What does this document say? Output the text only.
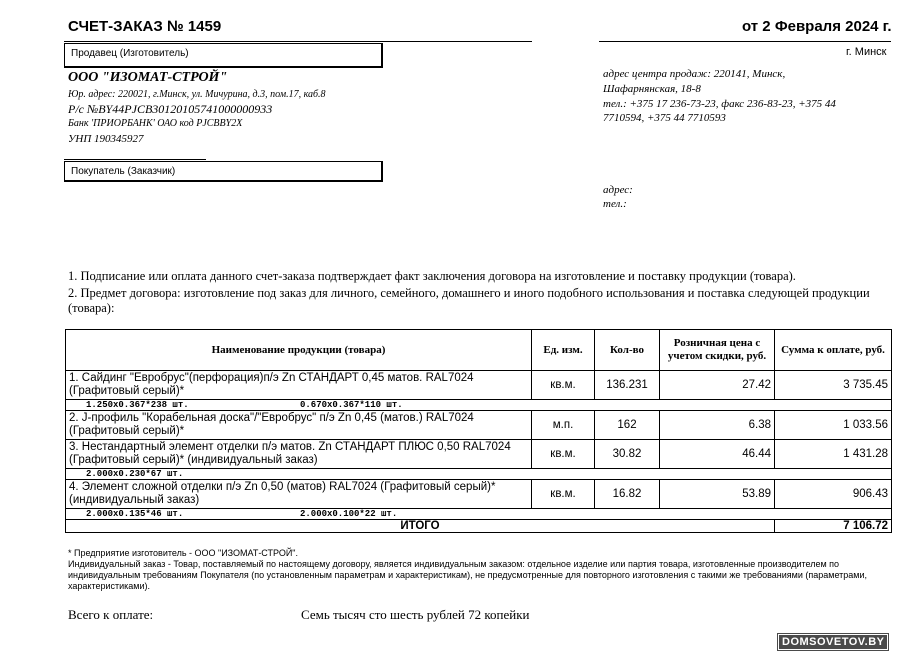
СЧЕТ-ЗАКАЗ № 1459	от 2 Февраля 2024 г.
г. Минск
Продавец (Изготовитель)
ООО "ИЗОМАТ-СТРОЙ"
Юр. адрес: 220021, г.Минск, ул. Мичурина, д.3, пом.17, каб.8
Р/с №BY44PJCB30120105741000000933
Банк 'ПРИОРБАНК' ОАО код PJCBBY2X
УНП 190345927
адрес центра продаж: 220141, Минск,
Шафарнянская, 18-8
тел.: +375 17 236-73-23, факс 236-83-23, +375 44
7710594, +375 44 7710593
Покупатель (Заказчик)
адрес:
тел.:
1. Подписание или оплата данного счет-заказа подтверждает факт заключения договора на изготовление и поставку продукции (товара).
2. Предмет договора: изготовление под заказ для личного, семейного, домашнего и иного подобного использования и поставка следующей продукции (товара):
Наименование продукции (товара)	Ед. изм.	Кол-во	Розничная цена с учетом скидки, руб.	Сумма к оплате, руб.
1. Сайдинг "Евробрус"(перфорация)п/э Zn СТАНДАРТ 0,45 матов. RAL7024 (Графитовый серый)*	кв.м.	136.231	27.42	3 735.45
1.250x0.367*238 шт. 0.670x0.367*110 шт.				
2. J-профиль "Корабельная доска"/"Евробрус" п/э Zn 0,45 (матов.) RAL7024 (Графитовый серый)*	м.п.	162	6.38	1 033.56
3. Нестандартный элемент отделки п/э матов. Zn СТАНДАРТ ПЛЮС 0,50 RAL7024 (Графитовый серый)* (индивидуальный заказ)	кв.м.	30.82	46.44	1 431.28
2.000x0.230*67 шт.				
4. Элемент сложной отделки п/э Zn 0,50 (матов) RAL7024 (Графитовый серый)* (индивидуальный заказ)	кв.м.	16.82	53.89	906.43
2.000x0.135*46 шт. 2.000x0.100*22 шт.				
ИТОГО				7 106.72
* Предприятие изготовитель - ООО "ИЗОМАТ-СТРОЙ".
Индивидуальный заказ - Товар, поставляемый по настоящему договору, является индивидуальным заказом: отдельное изделие или партия товара, изготовленные производителем по индивидуальным требованиям Покупателя (по установленным параметрам и характеристикам), не предусмотренные для повторного изготовления с такими же требованиями (параметрами, характеристиками).
Всего к оплате:	Семь тысяч сто шесть рублей 72 копейки
DOMSOVETOV.BY
